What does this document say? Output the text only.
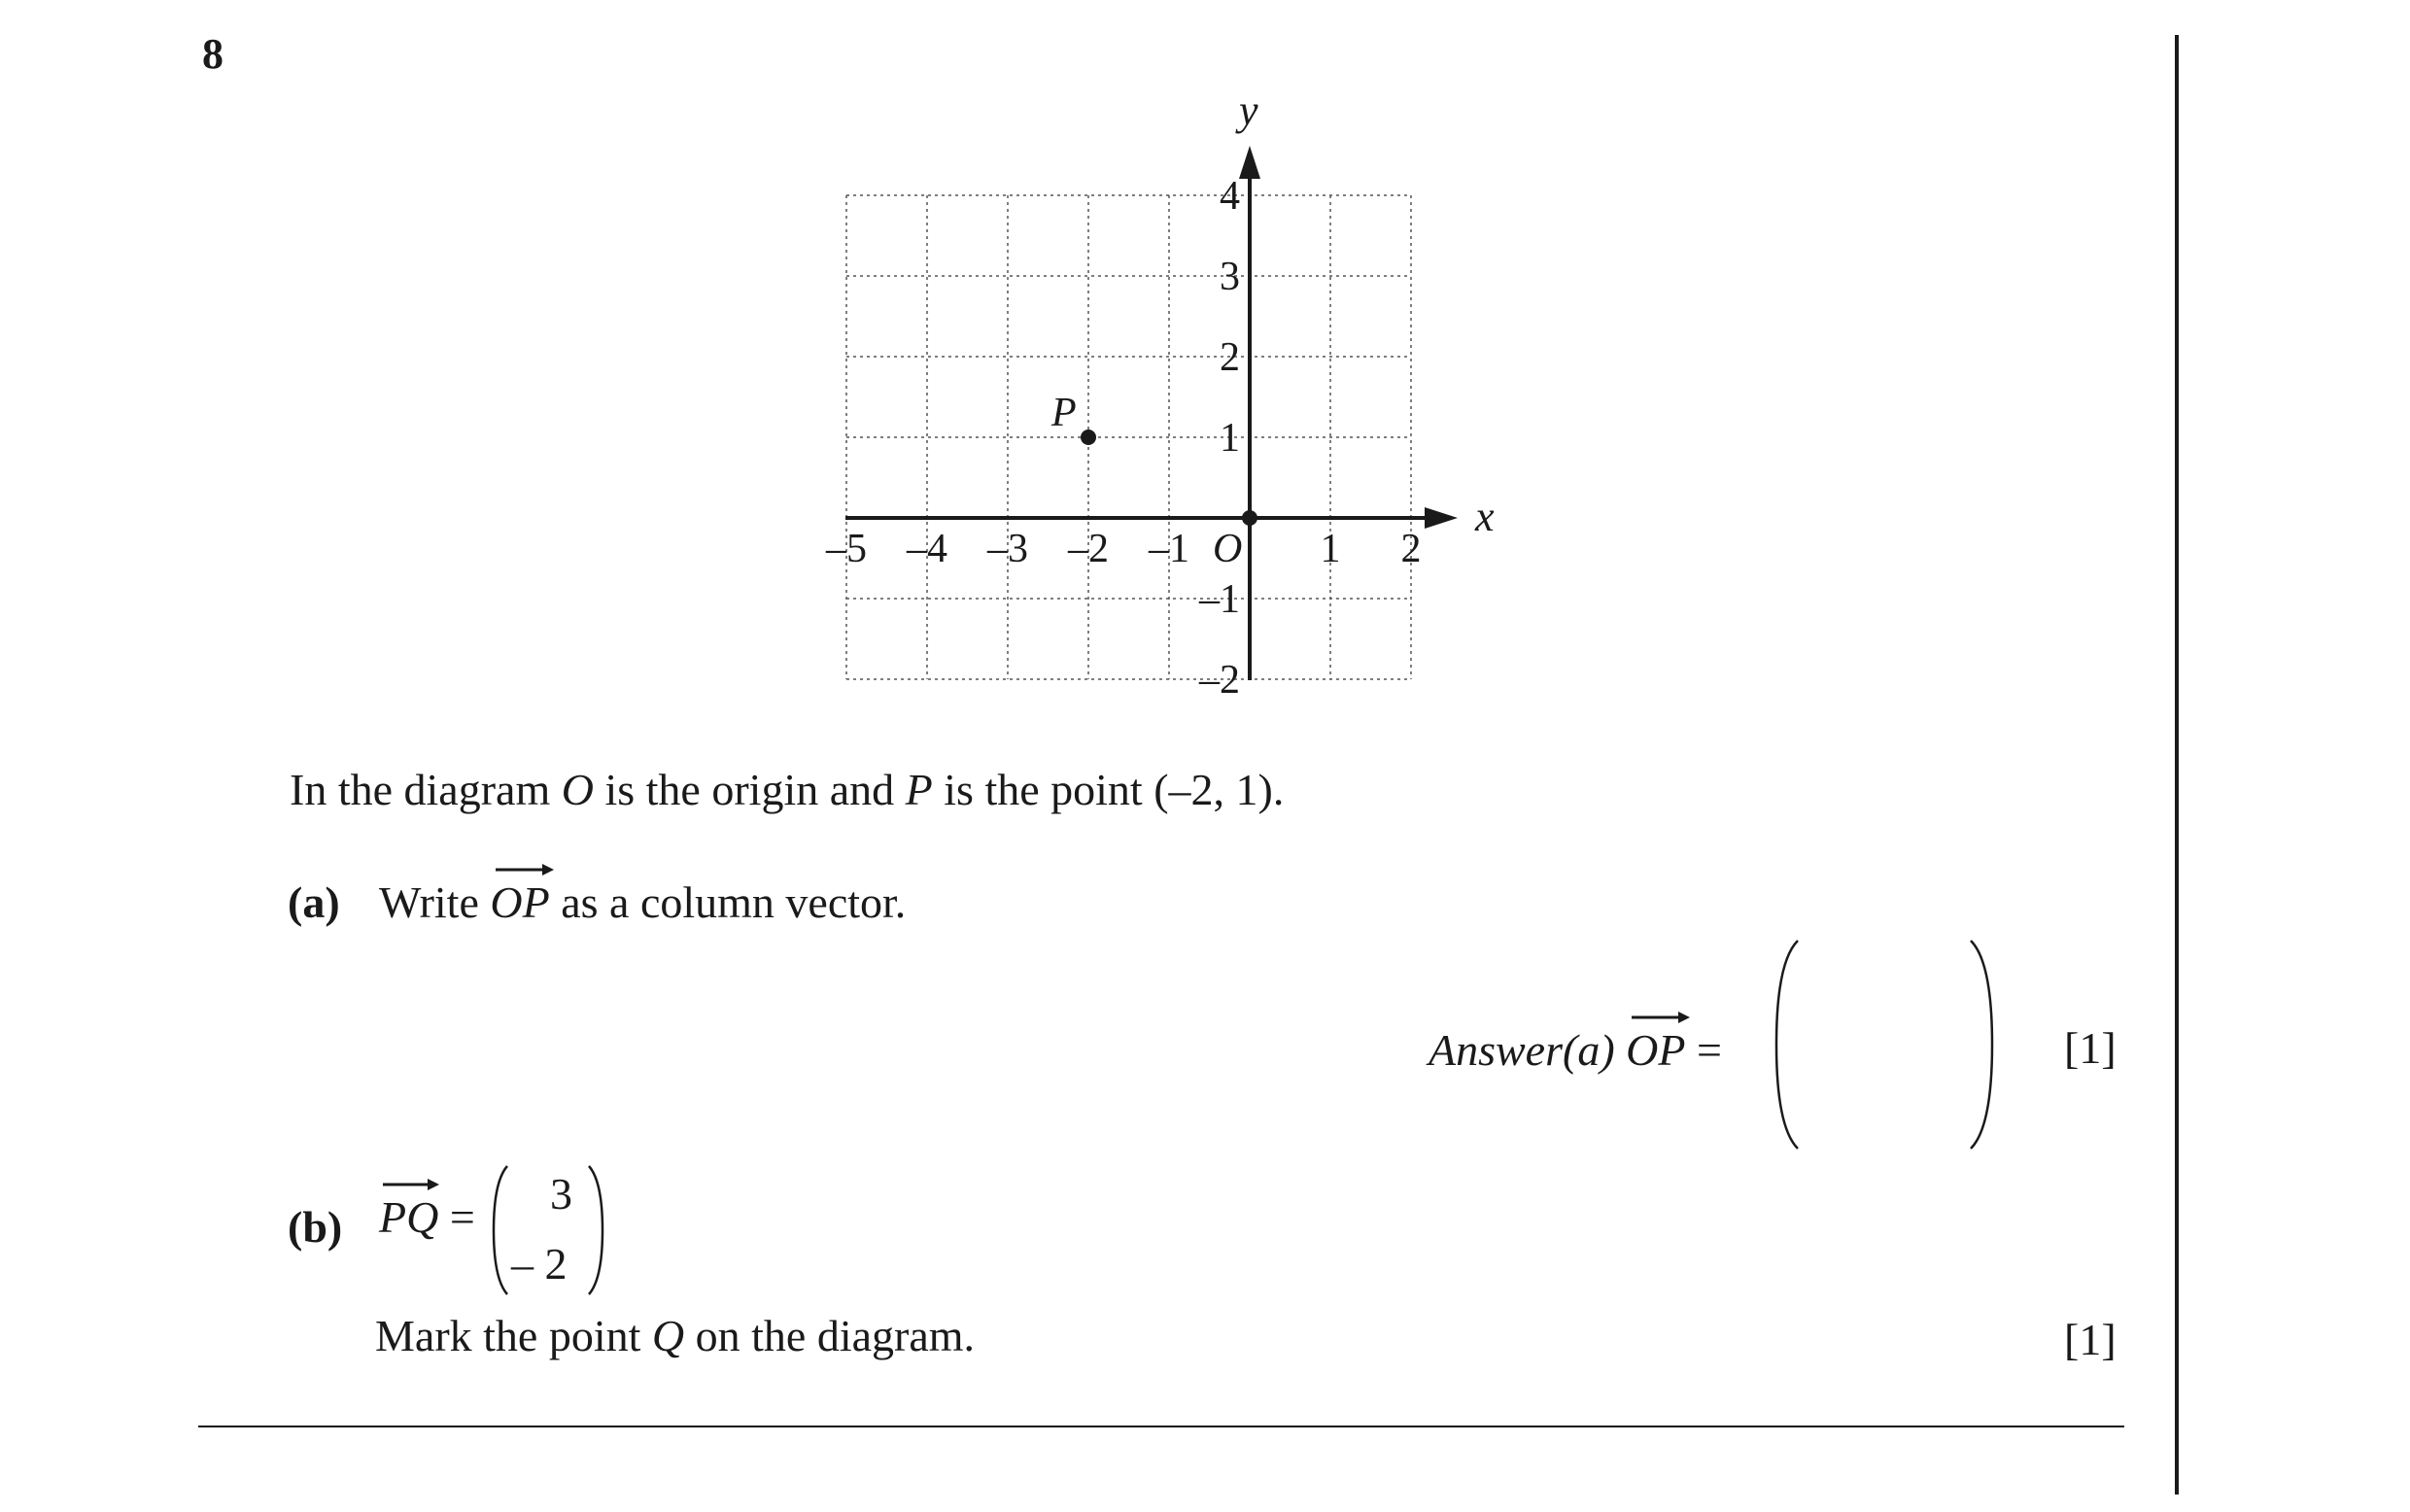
8
–5 –4 –3 –2 –1	1 2
4
3
2
1
–1
–2
x
y
O
P
In the diagram O is the origin and P is the point (–2, 1).
(a) Write
OP as a column vector.
Answer(a)
OP =	[1]
(b) PQ = 3
– 2
Mark the point Q on the diagram.	[1]
